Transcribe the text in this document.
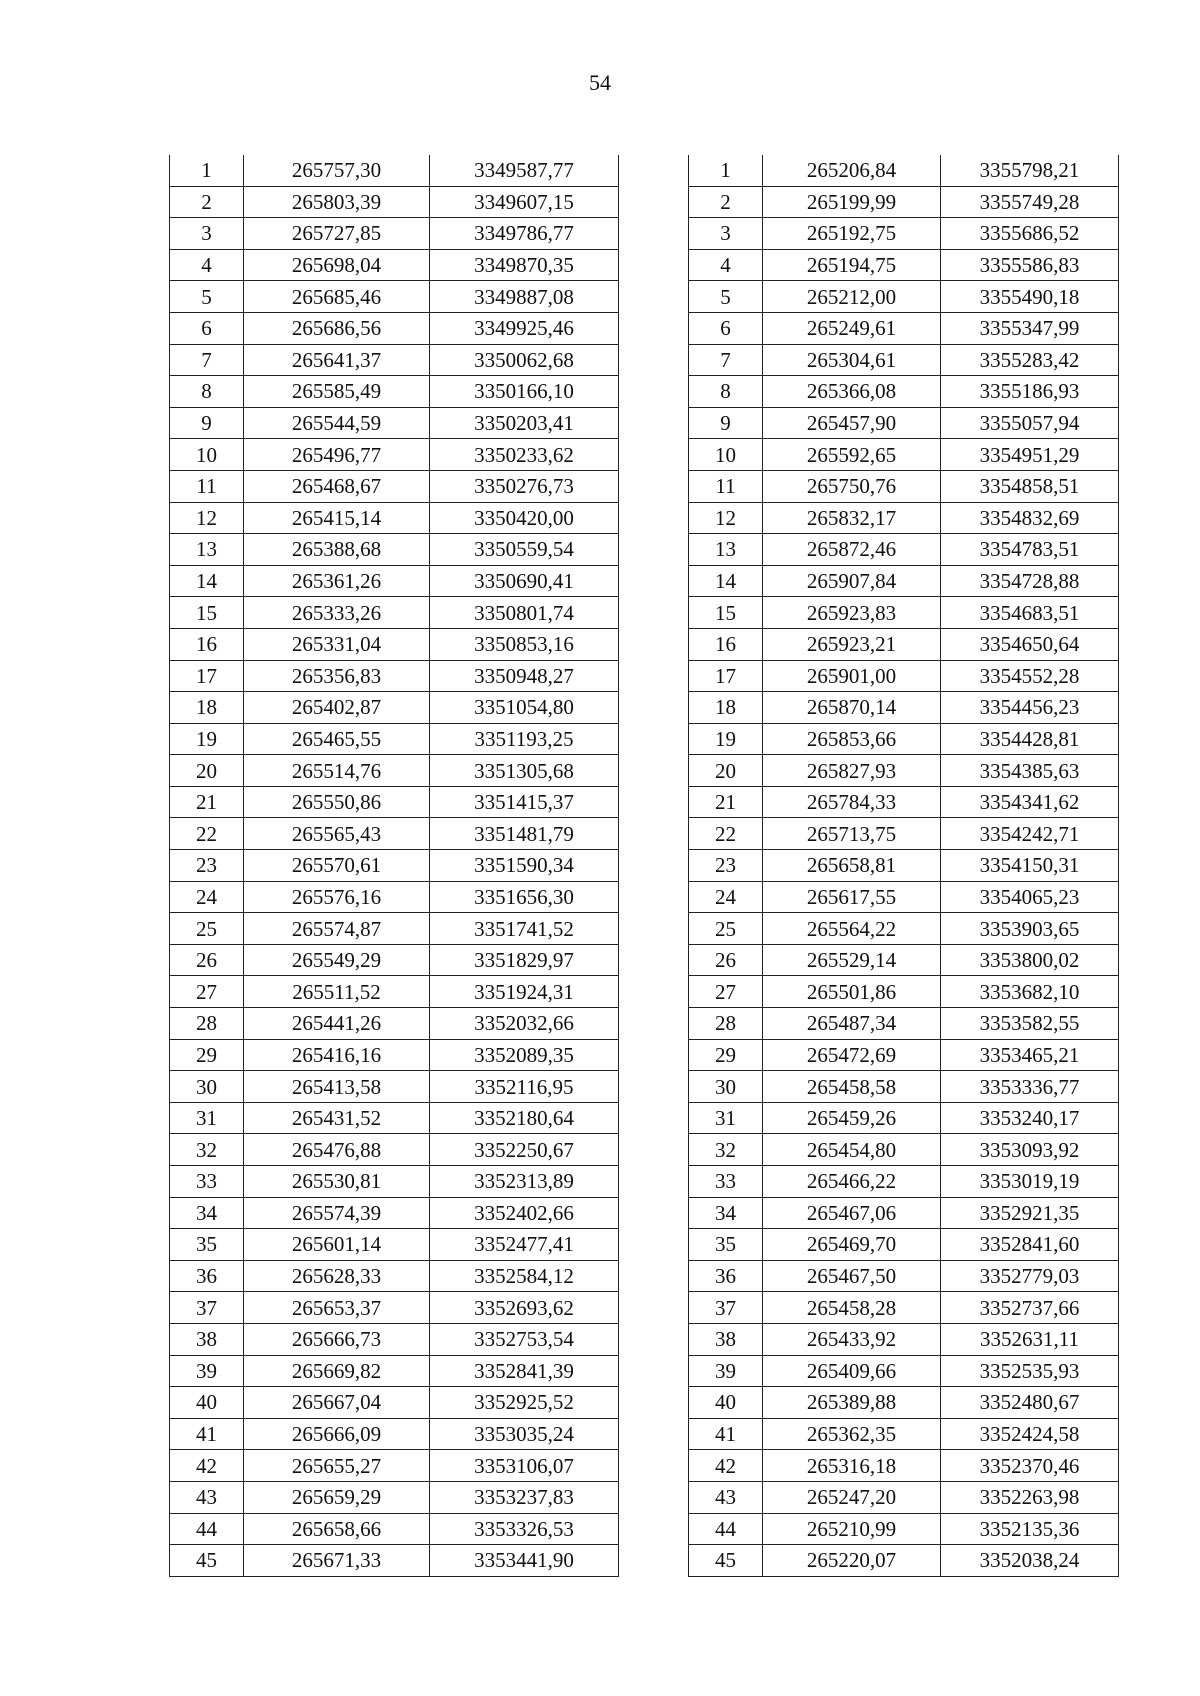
54
1	265757,30	3349587,77
2	265803,39	3349607,15
3	265727,85	3349786,77
4	265698,04	3349870,35
5	265685,46	3349887,08
6	265686,56	3349925,46
7	265641,37	3350062,68
8	265585,49	3350166,10
9	265544,59	3350203,41
10	265496,77	3350233,62
11	265468,67	3350276,73
12	265415,14	3350420,00
13	265388,68	3350559,54
14	265361,26	3350690,41
15	265333,26	3350801,74
16	265331,04	3350853,16
17	265356,83	3350948,27
18	265402,87	3351054,80
19	265465,55	3351193,25
20	265514,76	3351305,68
21	265550,86	3351415,37
22	265565,43	3351481,79
23	265570,61	3351590,34
24	265576,16	3351656,30
25	265574,87	3351741,52
26	265549,29	3351829,97
27	265511,52	3351924,31
28	265441,26	3352032,66
29	265416,16	3352089,35
30	265413,58	3352116,95
31	265431,52	3352180,64
32	265476,88	3352250,67
33	265530,81	3352313,89
34	265574,39	3352402,66
35	265601,14	3352477,41
36	265628,33	3352584,12
37	265653,37	3352693,62
38	265666,73	3352753,54
39	265669,82	3352841,39
40	265667,04	3352925,52
41	265666,09	3353035,24
42	265655,27	3353106,07
43	265659,29	3353237,83
44	265658,66	3353326,53
45	265671,33	3353441,90
1	265206,84	3355798,21
2	265199,99	3355749,28
3	265192,75	3355686,52
4	265194,75	3355586,83
5	265212,00	3355490,18
6	265249,61	3355347,99
7	265304,61	3355283,42
8	265366,08	3355186,93
9	265457,90	3355057,94
10	265592,65	3354951,29
11	265750,76	3354858,51
12	265832,17	3354832,69
13	265872,46	3354783,51
14	265907,84	3354728,88
15	265923,83	3354683,51
16	265923,21	3354650,64
17	265901,00	3354552,28
18	265870,14	3354456,23
19	265853,66	3354428,81
20	265827,93	3354385,63
21	265784,33	3354341,62
22	265713,75	3354242,71
23	265658,81	3354150,31
24	265617,55	3354065,23
25	265564,22	3353903,65
26	265529,14	3353800,02
27	265501,86	3353682,10
28	265487,34	3353582,55
29	265472,69	3353465,21
30	265458,58	3353336,77
31	265459,26	3353240,17
32	265454,80	3353093,92
33	265466,22	3353019,19
34	265467,06	3352921,35
35	265469,70	3352841,60
36	265467,50	3352779,03
37	265458,28	3352737,66
38	265433,92	3352631,11
39	265409,66	3352535,93
40	265389,88	3352480,67
41	265362,35	3352424,58
42	265316,18	3352370,46
43	265247,20	3352263,98
44	265210,99	3352135,36
45	265220,07	3352038,24
